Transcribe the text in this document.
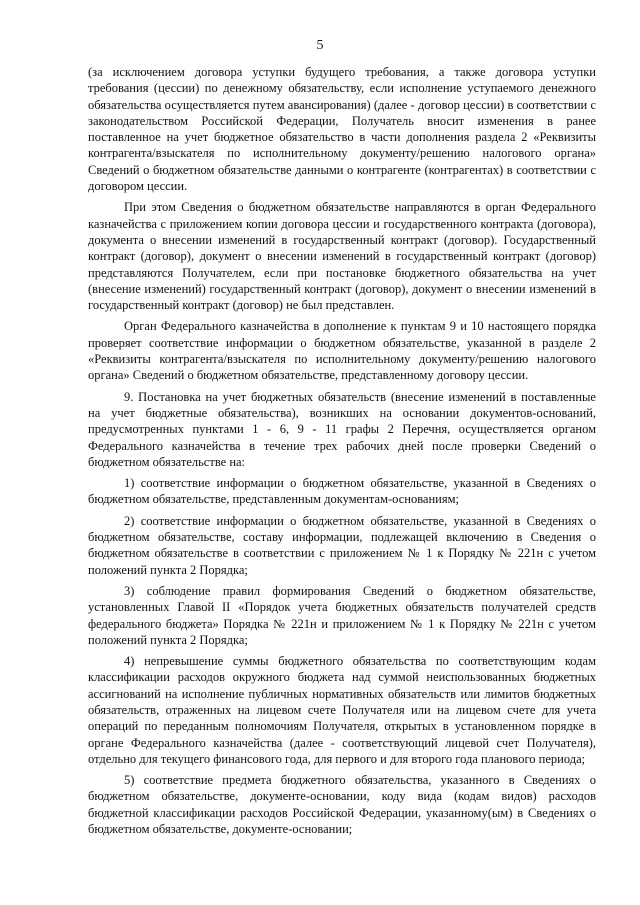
5

(за исключением договора уступки будущего требования, а также договора уступки требования (цессии) по денежному обязательству, если исполнение уступаемого денежного обязательства осуществляется путем авансирования) (далее - договор цессии) в соответствии с законодательством Российской Федерации, Получатель вносит изменения в ранее поставленное на учет бюджетное обязательство в части дополнения раздела 2 «Реквизиты контрагента/взыскателя по исполнительному документу/решению налогового органа» Сведений о бюджетном обязательстве данными о контрагенте (контрагентах) в соответствии с договором цессии.

При этом Сведения о бюджетном обязательстве направляются в орган Федерального казначейства с приложением копии договора цессии и государственного контракта (договора), документа о внесении изменений в государственный контракт (договор). Государственный контракт (договор), документ о внесении изменений в государственный контракт (договор) представляются Получателем, если при постановке бюджетного обязательства на учет (внесение изменений) государственный контракт (договор), документ о внесении изменений в государственный контракт (договор) не был представлен.

Орган Федерального казначейства в дополнение к пунктам 9 и 10 настоящего порядка проверяет соответствие информации о бюджетном обязательстве, указанной в разделе 2 «Реквизиты контрагента/взыскателя по исполнительному документу/решению налогового органа» Сведений о бюджетном обязательстве, представленному договору цессии.

9. Постановка на учет бюджетных обязательств (внесение изменений в поставленные на учет бюджетные обязательства), возникших на основании документов-оснований, предусмотренных пунктами 1 - 6, 9 - 11 графы 2 Перечня, осуществляется органом Федерального казначейства в течение трех рабочих дней после проверки Сведений о бюджетном обязательстве на:

1) соответствие информации о бюджетном обязательстве, указанной в Сведениях о бюджетном обязательстве, представленным документам-основаниям;

2) соответствие информации о бюджетном обязательстве, указанной в Сведениях о бюджетном обязательстве, составу информации, подлежащей включению в Сведения о бюджетном обязательстве в соответствии с приложением № 1 к Порядку № 221н с учетом положений пункта 2 Порядка;

3) соблюдение правил формирования Сведений о бюджетном обязательстве, установленных Главой II «Порядок учета бюджетных обязательств получателей средств федерального бюджета» Порядка № 221н и приложением № 1 к Порядку № 221н с учетом положений пункта 2 Порядка;

4) непревышение суммы бюджетного обязательства по соответствующим кодам классификации расходов окружного бюджета над суммой неиспользованных бюджетных ассигнований на исполнение публичных нормативных обязательств или лимитов бюджетных обязательств, отраженных на лицевом счете Получателя или на лицевом счете для учета операций по переданным полномочиям Получателя, открытых в установленном порядке в органе Федерального казначейства (далее - соответствующий лицевой счет Получателя), отдельно для текущего финансового года, для первого и для второго года планового периода;

5) соответствие предмета бюджетного обязательства, указанного в Сведениях о бюджетном обязательстве, документе-основании, коду вида (кодам видов) расходов бюджетной классификации расходов Российской Федерации, указанному(ым) в Сведениях о бюджетном обязательстве, документе-основании;
